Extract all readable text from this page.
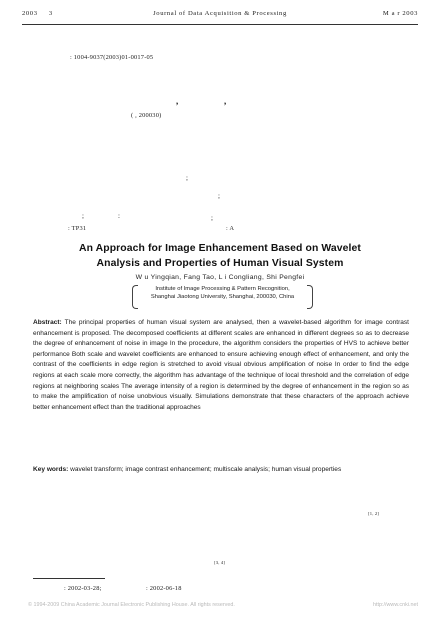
2003 3	Journal of Data Acquisition & Processing	M a r 2003
: 1004-9037(2003)01-0017-05
,	,
( , 200030)
;
;
;
;	:
: TP31	: A
An Approach for Image Enhancement Based on Wavelet Analysis and Properties of Human Visual System
W u Yingqian, Fang Tao, L i Congliang, Shi Pengfei
Institute of Image Processing & Pattern Recognition,
Shanghai Jiaotong University, Shanghai, 200030, China
Abstract: The principal properties of human visual system are analysed, then a wavelet-based algorithm for image contrast enhancement is proposed. The decomposed coefficients at different scales are enhanced in different degrees so as to decrease the degree of enhancement of noise in image In the procedure, the algorithm considers the properties of HVS to achieve better performance Both scale and wavelet coefficients are enhanced to ensure achieving enough effect of enhancement, and only the contrast of the coefficients in edge region is stretched to avoid visual obvious amplification of noise In order to find the edge regions at each scale more correctly, the algorithm has advantage of the technique of local threshold and the correlation of edge regions at neighboring scales The average intensity of a region is determined by the degree of enhancement in the region so as to make the amplification of noise unobvious visually. Simulations demonstrate that these characters of the approach achieve better enhancement effect than the traditional approaches
Key words: wavelet transform; image contrast enhancement; multiscale analysis; human visual properties
[1, 2]
[3, 4]
: 2002-03-28;	: 2002-06-18
© 1994-2009 China Academic Journal Electronic Publishing House. All rights reserved.	http://www.cnki.net
